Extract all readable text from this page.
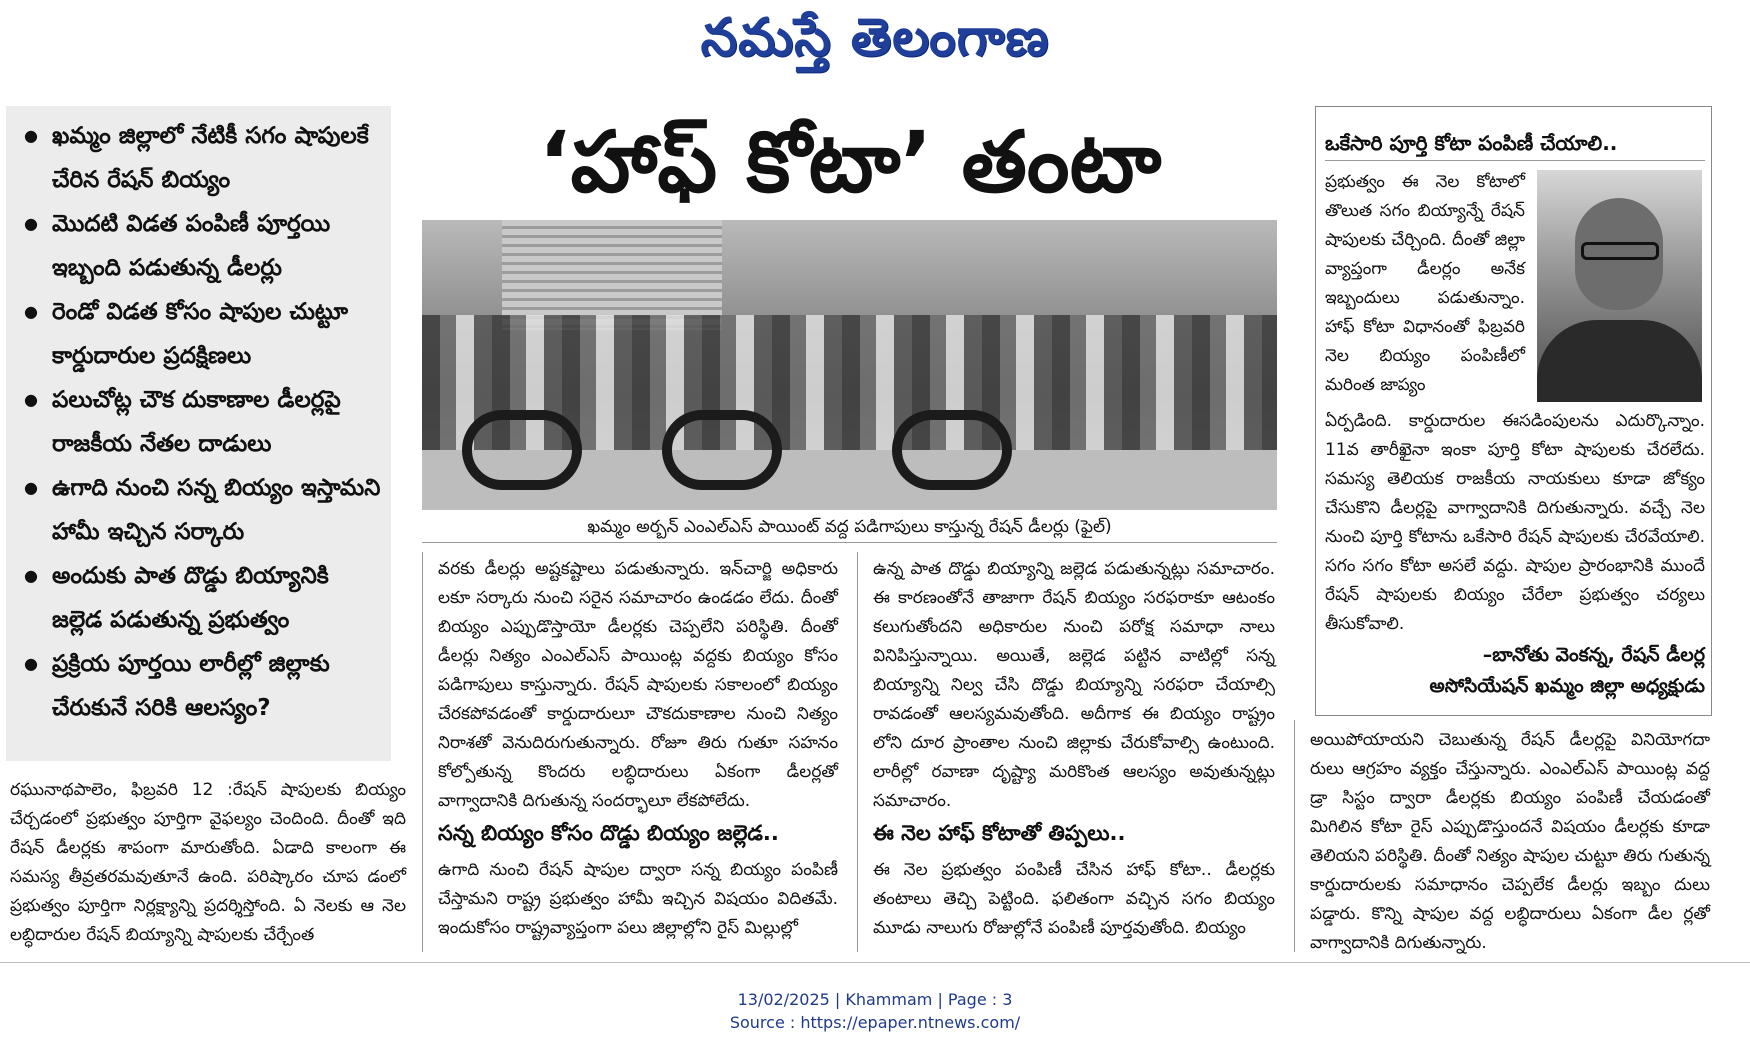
నమస్తే తెలంగాణ
● ఖమ్మం జిల్లాలో నేటికీ సగం షాపులకే చేరిన రేషన్ బియ్యం
● మొదటి విడత పంపిణీ పూర్తయి ఇబ్బంది పడుతున్న డీలర్లు
● రెండో విడత కోసం షాపుల చుట్టూ కార్డుదారుల ప్రదక్షిణలు
● పలుచోట్ల చౌక దుకాణాల డీలర్లపై రాజకీయ నేతల దాడులు
● ఉగాది నుంచి సన్న బియ్యం ఇస్తామని హామీ ఇచ్చిన సర్కారు
● అందుకు పాత దొడ్డు బియ్యానికి జల్లెడ పడుతున్న ప్రభుత్వం
● ప్రక్రియ పూర్తయి లారీల్లో జిల్లాకు చేరుకునే సరికి ఆలస్యం?
‘హాఫ్ కోటా’ తంటా
ఖమ్మం అర్బన్ ఎంఎల్ఎస్ పాయింట్ వద్ద పడిగాపులు కాస్తున్న రేషన్ డీలర్లు (ఫైల్)
ఒకేసారి పూర్తి కోటా పంపిణీ చేయాలి..
ప్రభుత్వం ఈ నెల కోటాలో తొలుత సగం బియ్యాన్నే రేషన్ షాపులకు చేర్చింది. దీంతో జిల్లా వ్యాప్తంగా డీలర్లం అనేక ఇబ్బందులు పడుతున్నాం. హాఫ్ కోటా విధానంతో ఫిబ్రవరి నెల బియ్యం పంపిణీలో మరింత జాప్యం
ఏర్పడింది. కార్డుదారుల ఈసడింపులను ఎదుర్కొన్నాం. 11వ తారీఖైనా ఇంకా పూర్తి కోటా షాపులకు చేరలేదు. సమస్య తెలియక రాజకీయ నాయకులు కూడా జోక్యం చేసుకొని డీలర్లపై వాగ్వాదానికి దిగుతున్నారు. వచ్చే నెల నుంచి పూర్తి కోటాను ఒకేసారి రేషన్ షాపులకు చేరవేయాలి. సగం సగం కోటా అసలే వద్దు. షాపుల ప్రారంభానికి ముందే రేషన్ షాపులకు బియ్యం చేరేలా ప్రభుత్వం చర్యలు తీసుకోవాలి.
–బానోతు వెంకన్న, రేషన్ డీలర్ల
అసోసియేషన్ ఖమ్మం జిల్లా అధ్యక్షుడు
రఘునాథపాలెం, ఫిబ్రవరి 12 :రేషన్ షాపులకు బియ్యం చేర్చడంలో ప్రభుత్వం పూర్తిగా వైఫల్యం చెందింది. దీంతో ఇది రేషన్ డీలర్లకు శాపంగా మారుతోంది. ఏడాది కాలంగా ఈ సమస్య తీవ్రతరమవుతూనే ఉంది. పరిష్కారం చూప డంలో ప్రభుత్వం పూర్తిగా నిర్లక్ష్యాన్ని ప్రదర్శిస్తోంది. ఏ నెలకు ఆ నెల లబ్ధిదారుల రేషన్ బియ్యాన్ని షాపులకు చేర్చేంత
వరకు డీలర్లు అష్టకష్టాలు పడుతున్నారు. ఇన్‌చార్జి అధికారు లకూ సర్కారు నుంచి సరైన సమాచారం ఉండడం లేదు. దీంతో బియ్యం ఎప్పుడొస్తాయో డీలర్లకు చెప్పలేని పరిస్థితి. దీంతో డీలర్లు నిత్యం ఎంఎల్ఎస్ పాయింట్ల వద్దకు బియ్యం కోసం పడిగాపులు కాస్తున్నారు. రేషన్ షాపులకు సకాలంలో బియ్యం చేరకపోవడంతో కార్డుదారులూ చౌకదుకాణాల నుంచి నిత్యం నిరాశతో వెనుదిరుగుతున్నారు. రోజూ తిరు గుతూ సహనం కోల్పోతున్న కొందరు లబ్ధిదారులు ఏకంగా డీలర్లతో వాగ్వాదానికి దిగుతున్న సందర్భాలూ లేకపోలేదు.
సన్న బియ్యం కోసం దొడ్డు బియ్యం జల్లెడ..
ఉగాది నుంచి రేషన్ షాపుల ద్వారా సన్న బియ్యం పంపిణీ చేస్తామని రాష్ట్ర ప్రభుత్వం హామీ ఇచ్చిన విషయం విదితమే. ఇందుకోసం రాష్ట్రవ్యాప్తంగా పలు జిల్లాల్లోని రైస్ మిల్లుల్లో
ఉన్న పాత దొడ్డు బియ్యాన్ని జల్లెడ పడుతున్నట్లు సమాచారం. ఈ కారణంతోనే తాజాగా రేషన్ బియ్యం సరఫరాకూ ఆటంకం కలుగుతోందని అధికారుల నుంచి పరోక్ష సమాధా నాలు వినిపిస్తున్నాయి. అయితే, జల్లెడ పట్టిన వాటిల్లో సన్న బియ్యాన్ని నిల్వ చేసి దొడ్డు బియ్యాన్ని సరఫరా చేయాల్సి రావడంతో ఆలస్యమవుతోంది. అదీగాక ఈ బియ్యం రాష్ట్రం లోని దూర ప్రాంతాల నుంచి జిల్లాకు చేరుకోవాల్సి ఉంటుంది. లారీల్లో రవాణా దృష్ట్యా మరికొంత ఆలస్యం అవుతున్నట్లు సమాచారం.
ఈ నెల హాఫ్ కోటాతో తిప్పలు..
ఈ నెల ప్రభుత్వం పంపిణీ చేసిన హాఫ్ కోటా.. డీలర్లకు తంటాలు తెచ్చి పెట్టింది. ఫలితంగా వచ్చిన సగం బియ్యం మూడు నాలుగు రోజుల్లోనే పంపిణీ పూర్తవుతోంది. బియ్యం
అయిపోయాయని చెబుతున్న రేషన్ డీలర్లపై వినియోగదా రులు ఆగ్రహం వ్యక్తం చేస్తున్నారు. ఎంఎల్ఎస్ పాయింట్ల వద్ద డ్రా సిస్టం ద్వారా డీలర్లకు బియ్యం పంపిణీ చేయడంతో మిగిలిన కోటా రైస్ ఎప్పుడొస్తుందనే విషయం డీలర్లకు కూడా తెలియని పరిస్థితి. దీంతో నిత్యం షాపుల చుట్టూ తిరు గుతున్న కార్డుదారులకు సమాధానం చెప్పలేక డీలర్లు ఇబ్బం దులు పడ్డారు. కొన్ని షాపుల వద్ద లబ్ధిదారులు ఏకంగా డీల ర్లతో వాగ్వాదానికి దిగుతున్నారు.
13/02/2025 | Khammam | Page : 3
Source : https://epaper.ntnews.com/
